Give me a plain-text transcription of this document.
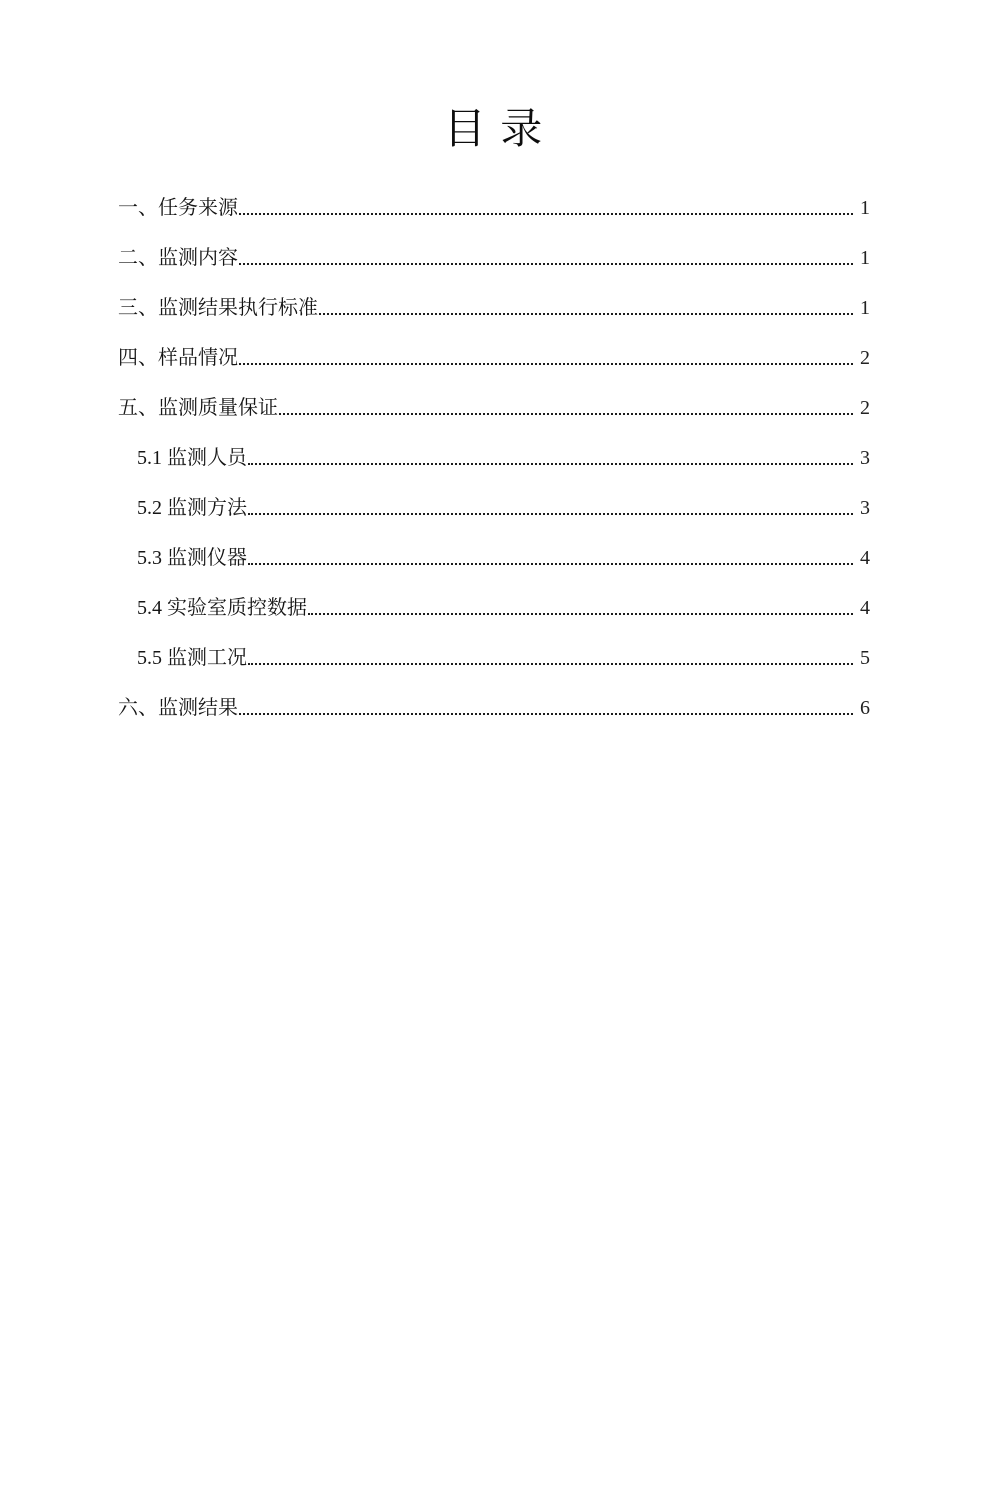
目 录
一、任务来源	1
二、监测内容	1
三、监测结果执行标准	1
四、样品情况	2
五、监测质量保证	2
5.1 监测人员	3
5.2 监测方法	3
5.3 监测仪器	4
5.4 实验室质控数据	4
5.5 监测工况	5
六、监测结果	6
